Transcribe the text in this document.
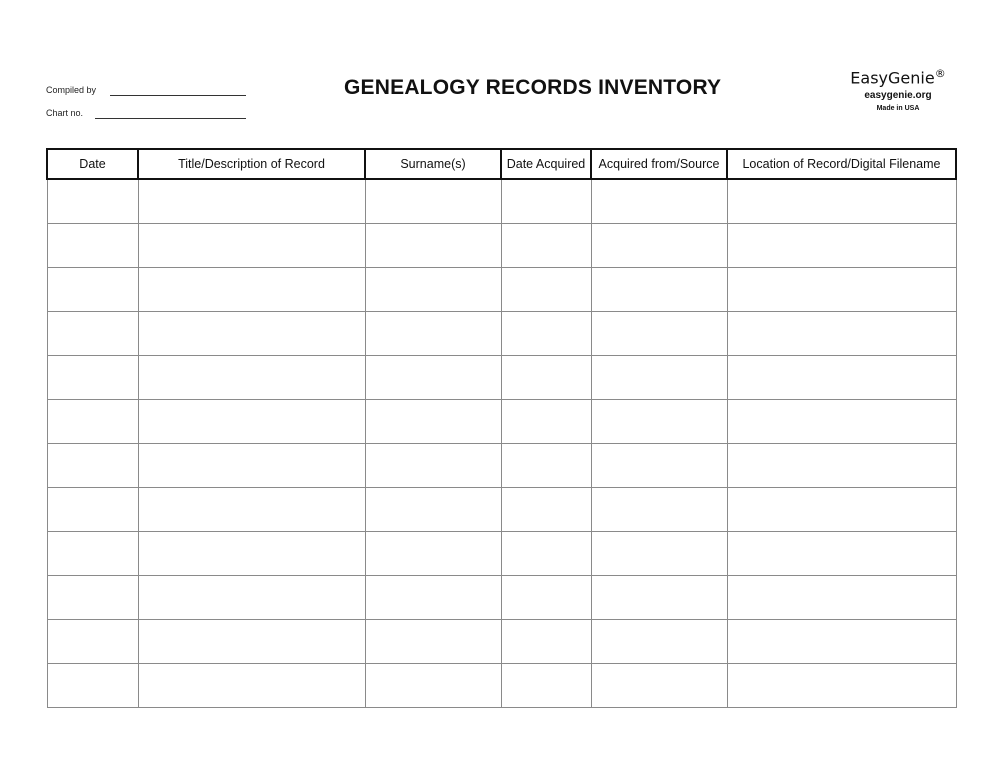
Compiled by
Chart no.
GENEALOGY RECORDS INVENTORY	EasyGenie®
easygenie.org
Made in USA
Date	Title/Description of Record	Surname(s)	Date Acquired	Acquired from/Source	Location of Record/Digital Filename
